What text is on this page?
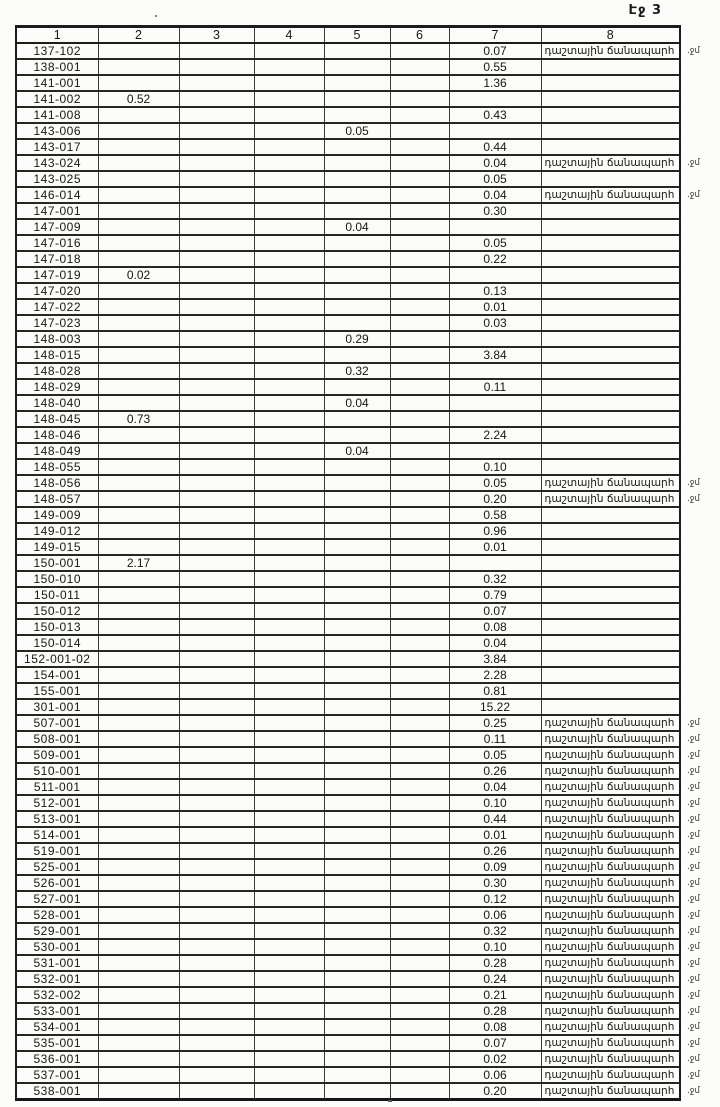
Էջ 3
1	2	3	4	5	6	7	8	
137-102						0.07	դաշտային ճանապարհ	.ջմ
138-001						0.55		
141-001						1.36		
141-002	0.52							
141-008						0.43		
143-006				0.05				
143-017						0.44		
143-024						0.04	դաշտային ճանապարհ	.ջմ
143-025						0.05		
146-014						0.04	դաշտային ճանապարհ	.ջմ
147-001						0.30		
147-009				0.04				
147-016						0.05		
147-018						0.22		
147-019	0.02							
147-020						0.13		
147-022						0.01		
147-023						0.03		
148-003				0.29				
148-015						3.84		
148-028				0.32				
148-029						0.11		
148-040				0.04				
148-045	0.73							
148-046						2.24		
148-049				0.04				
148-055						0.10		
148-056						0.05	դաշտային ճանապարհ	.ջմ
148-057						0.20	դաշտային ճանապարհ	.ջմ
149-009						0.58		
149-012						0.96		
149-015						0.01		
150-001	2.17							
150-010						0.32		
150-011						0.79		
150-012						0.07		
150-013						0.08		
150-014						0.04		
152-001-02						3.84		
154-001						2.28		
155-001						0.81		
301-001						15.22		
507-001						0.25	դաշտային ճանապարհ	.ջմ
508-001						0.11	դաշտային ճանապարհ	.ջմ
509-001						0.05	դաշտային ճանապարհ	.ջմ
510-001						0.26	դաշտային ճանապարհ	.ջմ
511-001						0.04	դաշտային ճանապարհ	.ջմ
512-001						0.10	դաշտային ճանապարհ	.ջմ
513-001						0.44	դաշտային ճանապարհ	.ջմ
514-001						0.01	դաշտային ճանապարհ	.ջմ
519-001						0.26	դաշտային ճանապարհ	.ջմ
525-001						0.09	դաշտային ճանապարհ	.ջմ
526-001						0.30	դաշտային ճանապարհ	.ջմ
527-001						0.12	դաշտային ճանապարհ	.ջմ
528-001						0.06	դաշտային ճանապարհ	.ջմ
529-001						0.32	դաշտային ճանապարհ	.ջմ
530-001						0.10	դաշտային ճանապարհ	.ջմ
531-001						0.28	դաշտային ճանապարհ	.ջմ
532-001						0.24	դաշտային ճանապարհ	.ջմ
532-002						0.21	դաշտային ճանապարհ	.ջմ
533-001						0.28	դաշտային ճանապարհ	.ջմ
534-001						0.08	դաշտային ճանապարհ	.ջմ
535-001						0.07	դաշտային ճանապարհ	.ջմ
536-001						0.02	դաշտային ճանապարհ	.ջմ
537-001						0.06	դաշտային ճանապարհ	.ջմ
538-001						0.20	դաշտային ճանապարհ	.ջմ
